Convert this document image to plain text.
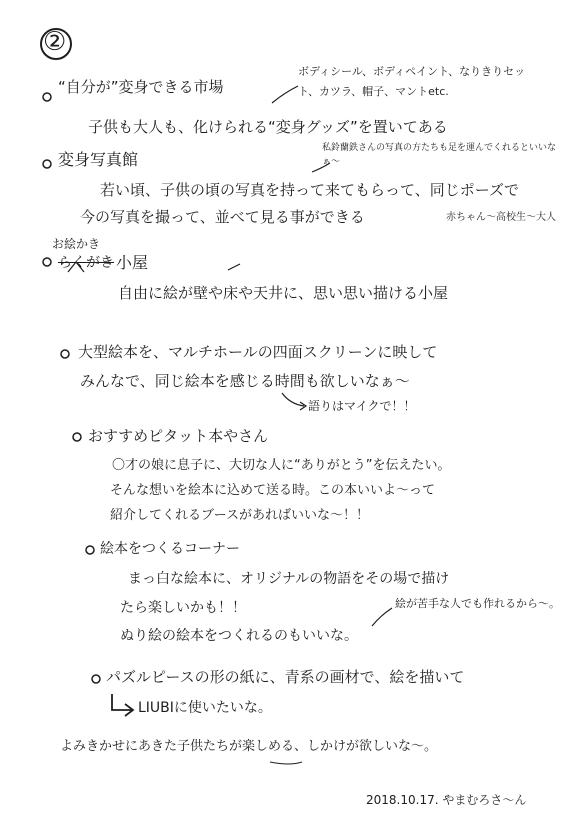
②
“自分が”変身できる市場
ボディシール、ボディペイント、なりきりセット、カツラ、帽子、マントetc.
子供も大人も、化けられる“変身グッズ”を置いてある
変身写真館
私鈴蘭鉄さんの写真の方たちも足を運んでくれるといいなぁ〜
若い頃、子供の頃の写真を持って来てもらって、同じポーズで
今の写真を撮って、並べて見る事ができる	赤ちゃん〜高校生〜大人
お絵かき
らくがき 小屋
自由に絵が壁や床や天井に、思い思い描ける小屋
大型絵本を、マルチホールの四面スクリーンに映して
みんなで、同じ絵本を感じる時間も欲しいなぁ〜
語りはマイクで！！
おすすめピタット本やさん
〇才の娘に息子に、大切な人に“ありがとう”を伝えたい。
そんな想いを絵本に込めて送る時。この本いいよ〜って
紹介してくれるブースがあればいいな〜！！
絵本をつくるコーナー
まっ白な絵本に、オリジナルの物語をその場で描け
たら楽しいかも！！
ぬり絵の絵本をつくれるのもいいな。
絵が苦手な人でも作れるから〜。
パズルピースの形の紙に、青系の画材で、絵を描いて
LIUBIに使いたいな。
よみきかせにあきた子供たちが楽しめる、しかけが欲しいな〜。
2018.10.17. やまむろさ〜ん
